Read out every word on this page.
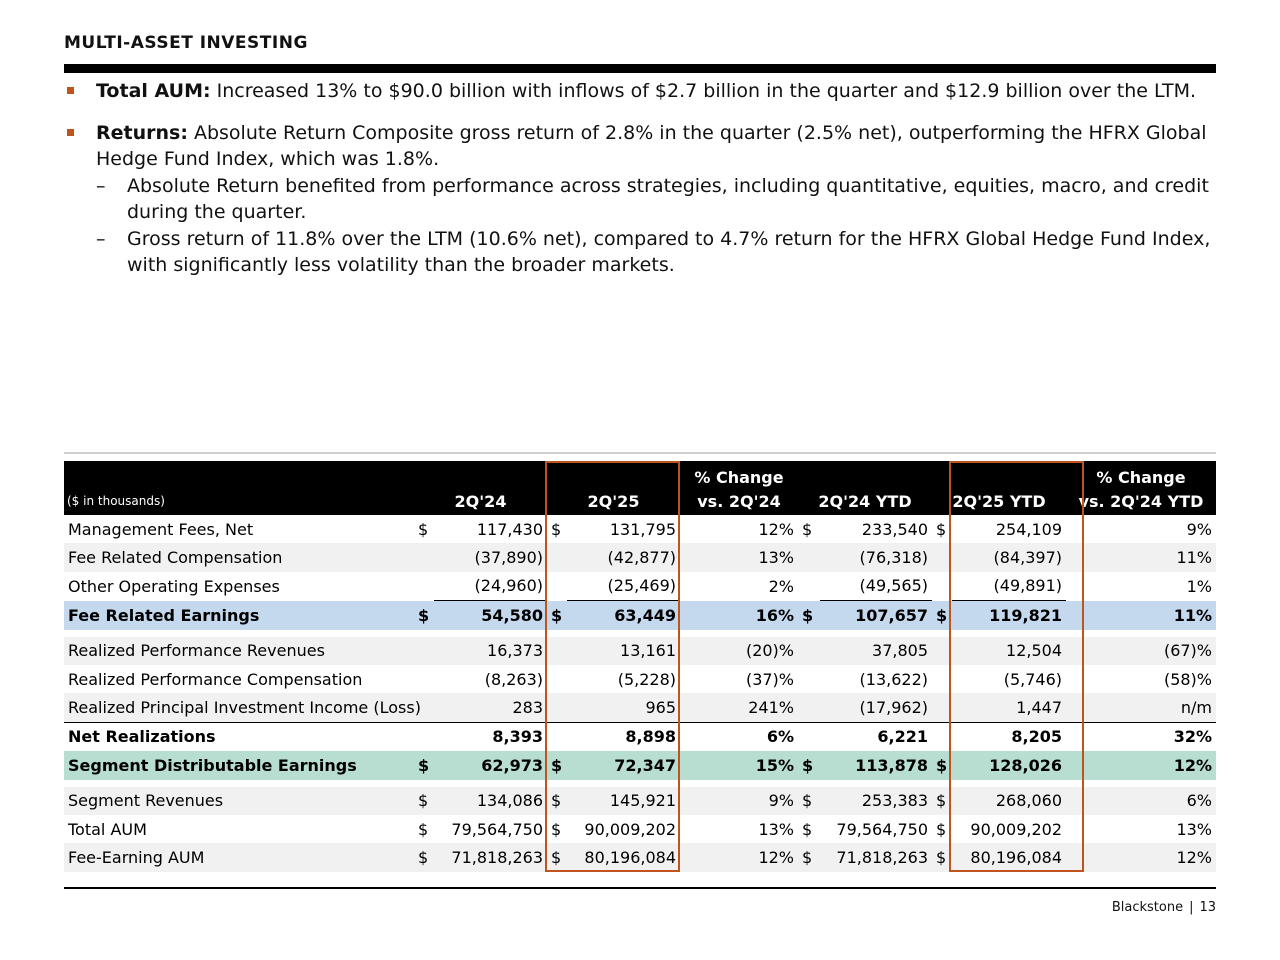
MULTI-ASSET INVESTING
Total AUM: Increased 13% to $90.0 billion with inflows of $2.7 billion in the quarter and $12.9 billion over the LTM.
Returns: Absolute Return Composite gross return of 2.8% in the quarter (2.5% net), outperforming the HFRX Global Hedge Fund Index, which was 1.8%.
– Absolute Return benefited from performance across strategies, including quantitative, equities, macro, and credit during the quarter.
– Gross return of 11.8% over the LTM (10.6% net), compared to 4.7% return for the HFRX Global Hedge Fund Index, with significantly less volatility than the broader markets.
					% Change					% Change
($ in thousands)	2Q'24		2Q'25		vs. 2Q'24	2Q'24 YTD		2Q'25 YTD		vs. 2Q'24 YTD
Management Fees, Net	$	117,430	$	131,795	12%	$	233,540	$	254,109	9%
Fee Related Compensation		(37,890)		(42,877)	13%		(76,318)		(84,397)	11%
Other Operating Expenses		(24,960)		(25,469)	2%		(49,565)		(49,891)	1%
Fee Related Earnings	$	54,580	$	63,449	16%	$	107,657	$	119,821	11%

Realized Performance Revenues		16,373		13,161	(20)%		37,805		12,504	(67)%
Realized Performance Compensation		(8,263)		(5,228)	(37)%		(13,622)		(5,746)	(58)%
Realized Principal Investment Income (Loss)		283		965	241%		(17,962)		1,447	n/m
Net Realizations		8,393		8,898	6%		6,221		8,205	32%
Segment Distributable Earnings	$	62,973	$	72,347	15%	$	113,878	$	128,026	12%

Segment Revenues	$	134,086	$	145,921	9%	$	253,383	$	268,060	6%
Total AUM	$	79,564,750	$	90,009,202	13%	$	79,564,750	$	90,009,202	13%
Fee-Earning AUM	$	71,818,263	$	80,196,084	12%	$	71,818,263	$	80,196,084	12%
Blackstone | 13
